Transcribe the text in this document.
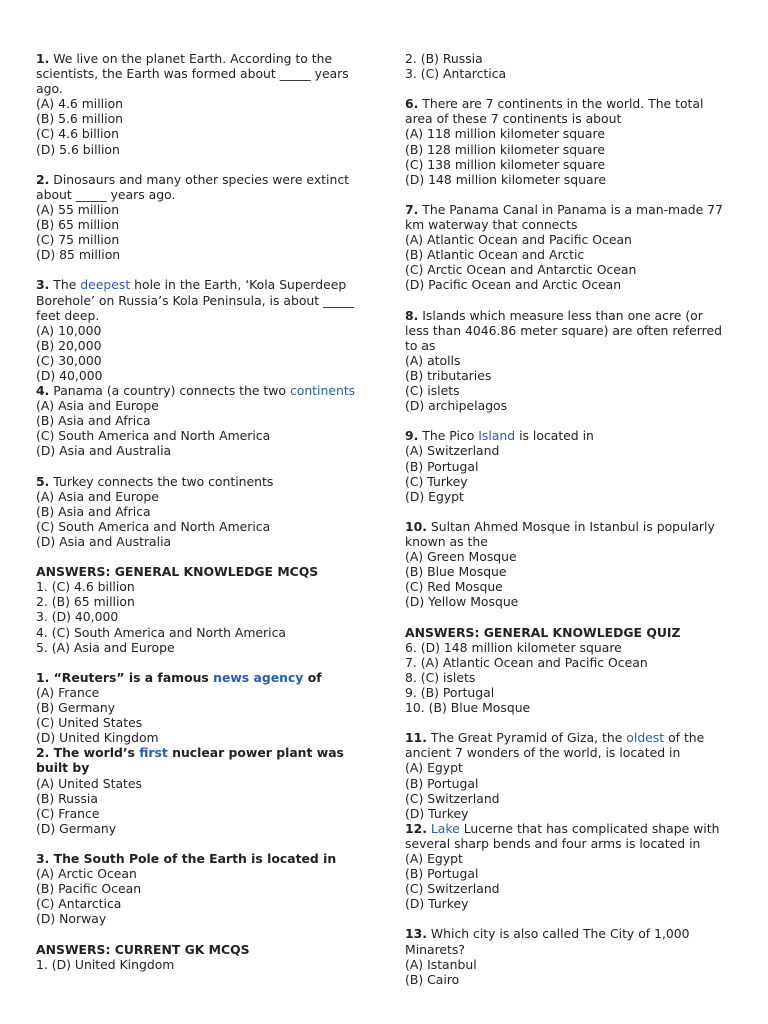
1. We live on the planet Earth. According to the
scientists, the Earth was formed about _____ years
ago.
(A) 4.6 million
(B) 5.6 million
(C) 4.6 billion
(D) 5.6 billion
2. Dinosaurs and many other species were extinct
about _____ years ago.
(A) 55 million
(B) 65 million
(C) 75 million
(D) 85 million
3. The deepest hole in the Earth, ‘Kola Superdeep
Borehole’ on Russia’s Kola Peninsula, is about _____
feet deep.
(A) 10,000
(B) 20,000
(C) 30,000
(D) 40,000
4. Panama (a country) connects the two continents
(A) Asia and Europe
(B) Asia and Africa
(C) South America and North America
(D) Asia and Australia
5. Turkey connects the two continents
(A) Asia and Europe
(B) Asia and Africa
(C) South America and North America
(D) Asia and Australia
ANSWERS: GENERAL KNOWLEDGE MCQS
1. (C) 4.6 billion
2. (B) 65 million
3. (D) 40,000
4. (C) South America and North America
5. (A) Asia and Europe
1. “Reuters” is a famous news agency of
(A) France
(B) Germany
(C) United States
(D) United Kingdom
2. The world’s first nuclear power plant was
built by
(A) United States
(B) Russia
(C) France
(D) Germany
3. The South Pole of the Earth is located in
(A) Arctic Ocean
(B) Pacific Ocean
(C) Antarctica
(D) Norway
ANSWERS: CURRENT GK MCQS
1. (D) United Kingdom
2. (B) Russia
3. (C) Antarctica
6. There are 7 continents in the world. The total
area of these 7 continents is about
(A) 118 million kilometer square
(B) 128 million kilometer square
(C) 138 million kilometer square
(D) 148 million kilometer square
7. The Panama Canal in Panama is a man-made 77
km waterway that connects
(A) Atlantic Ocean and Pacific Ocean
(B) Atlantic Ocean and Arctic
(C) Arctic Ocean and Antarctic Ocean
(D) Pacific Ocean and Arctic Ocean
8. Islands which measure less than one acre (or
less than 4046.86 meter square) are often referred
to as
(A) atolls
(B) tributaries
(C) islets
(D) archipelagos
9. The Pico Island is located in
(A) Switzerland
(B) Portugal
(C) Turkey
(D) Egypt
10. Sultan Ahmed Mosque in Istanbul is popularly
known as the
(A) Green Mosque
(B) Blue Mosque
(C) Red Mosque
(D) Yellow Mosque
ANSWERS: GENERAL KNOWLEDGE QUIZ
6. (D) 148 million kilometer square
7. (A) Atlantic Ocean and Pacific Ocean
8. (C) islets
9. (B) Portugal
10. (B) Blue Mosque
11. The Great Pyramid of Giza, the oldest of the
ancient 7 wonders of the world, is located in
(A) Egypt
(B) Portugal
(C) Switzerland
(D) Turkey
12. Lake Lucerne that has complicated shape with
several sharp bends and four arms is located in
(A) Egypt
(B) Portugal
(C) Switzerland
(D) Turkey
13. Which city is also called The City of 1,000
Minarets?
(A) Istanbul
(B) Cairo
